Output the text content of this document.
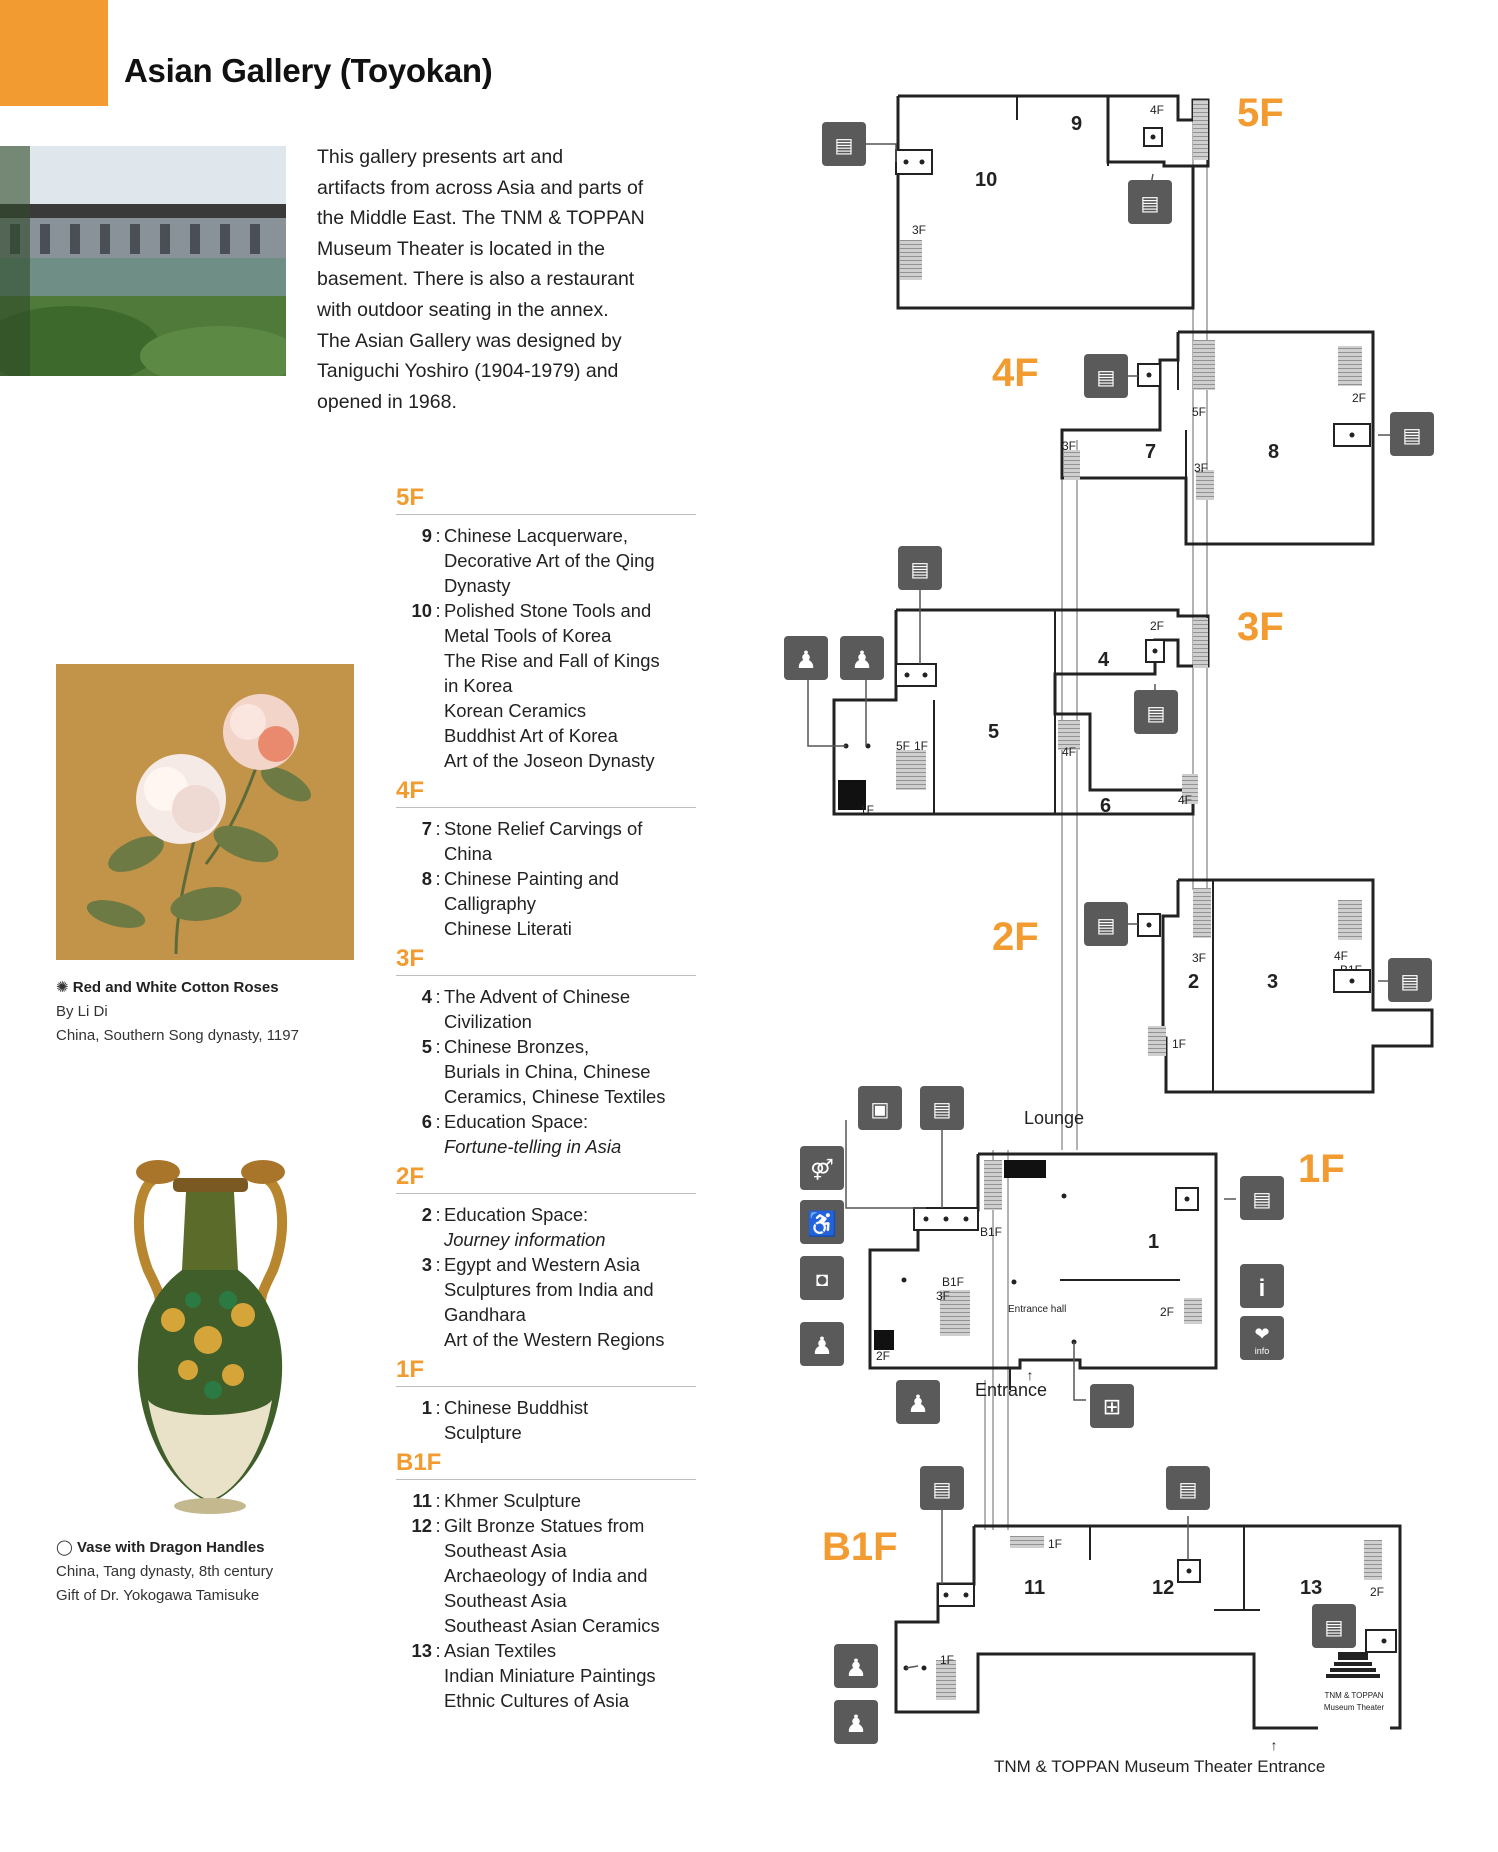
Asian Gallery (Toyokan)
This gallery presents art and
artifacts from across Asia and parts of
the Middle East. The TNM & TOPPAN
Museum Theater is located in the
basement. There is also a restaurant
with outdoor seating in the annex.
The Asian Gallery was designed by
Taniguchi Yoshiro (1904-1979) and
opened in 1968.
✺ Red and White Cotton Roses
By Li Di
China, Southern Song dynasty, 1197
◯ Vase with Dragon Handles
China, Tang dynasty, 8th century
Gift of Dr. Yokogawa Tamisuke
5F
9 : Chinese Lacquerware,
Decorative Art of the Qing
Dynasty
10 : Polished Stone Tools and
Metal Tools of Korea
The Rise and Fall of Kings
in Korea
Korean Ceramics
Buddhist Art of Korea
Art of the Joseon Dynasty
4F
7 : Stone Relief Carvings of
China
8 : Chinese Painting and
Calligraphy
Chinese Literati
3F
4 : The Advent of Chinese
Civilization
5 : Chinese Bronzes,
Burials in China, Chinese
Ceramics, Chinese Textiles
6 : Education Space:
Fortune-telling in Asia
2F
2 : Education Space:
Journey information
3 : Egypt and Western Asia
Sculptures from India and
Gandhara
Art of the Western Regions
1F
1 : Chinese Buddhist
Sculpture
B1F
11 : Khmer Sculpture
12 : Gilt Bronze Statues from
Southeast Asia
Archaeology of India and
Southeast Asia
Southeast Asian Ceramics
13 : Asian Textiles
Indian Miniature Paintings
Ethnic Cultures of Asia
4F
3F
9
10
5F
5F
2F
3F
3F
7	8
4F
2F
5F 1F
1F
4F
4F
4
5
6
3F
3F	4F
1F
2	3
2F
B1F
B1F
3F
2F
2F
Lounge
Entrance hall
Entrance
1
1F
1F
2F
1F
11	12	13
B1F
TNM & TOPPAN
Museum Theater
TNM & TOPPAN Museum Theater Entrance
▤
▤
▤
▤
▤
▤
♟ ♟
▤
▤
▣ ▤
⚤
♿
◘
♟
♟	⊞
▤
i
❤
info
▤	▤
▤
♟
♟
↑
↑
